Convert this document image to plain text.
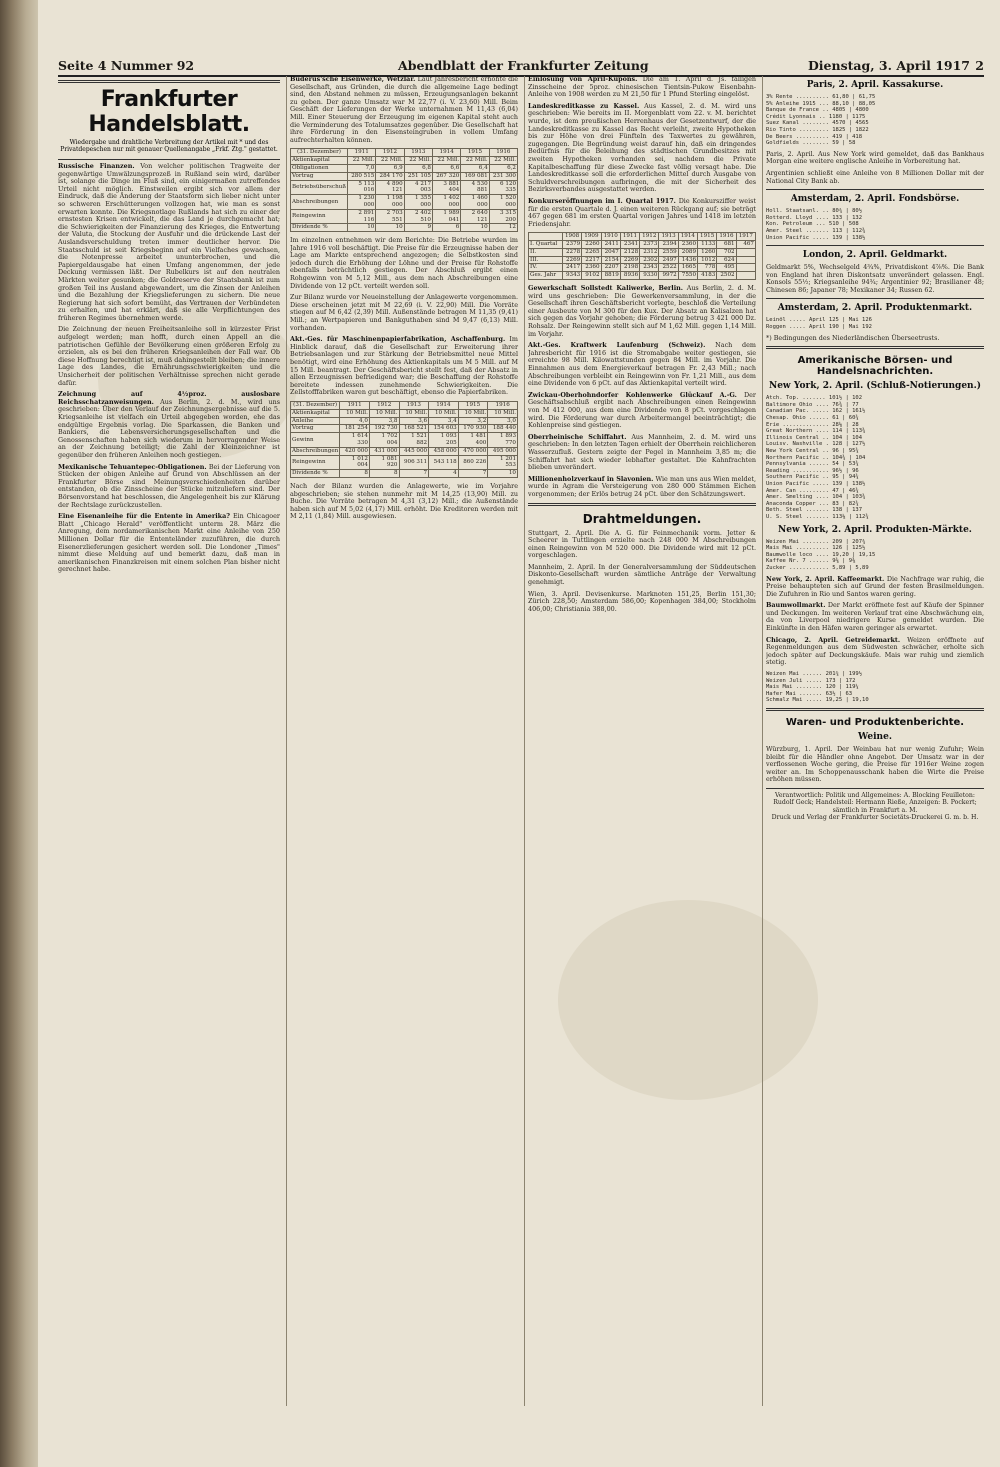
Seite 4 Nummer 92	Abendblatt der Frankfurter Zeitung	Dienstag, 3. April 1917 2
Frankfurter Handelsblatt.
Wiedergabe und drahtliche Verbreitung der Artikel mit * und des Privatdepeschen nur mit genauer Quellenangabe „Frkf. Ztg." gestattet.

Russische Finanzen. Von welcher politischen Tragweite der gegenwärtige Umwälzungsprozeß in Rußland sein wird, darüber ist, solange die Dinge im Fluß sind, ein einigermaßen zutreffendes Urteil nicht möglich. Einstweilen ergibt sich vor allem der Eindruck, daß die Änderung der Staatsform sich lieber nicht unter so schweren Erschütterungen vollzogen hat, wie man es sonst erwarten konnte. Die Kriegsnotlage Rußlands hat sich zu einer der ernstesten Krisen entwickelt, die das Land je durchgemacht hat; die Schwierigkeiten der Finanzierung des Krieges, die Entwertung der Valuta, die Stockung der Ausfuhr und die drückende Last der Auslandsverschuldung treten immer deutlicher hervor. Die Staatsschuld ist seit Kriegsbeginn auf ein Vielfaches gewachsen, die Notenpresse arbeitet ununterbrochen, und die Papiergeldausgabe hat einen Umfang angenommen, der jede Deckung vermissen läßt. Der Rubelkurs ist auf den neutralen Märkten weiter gesunken; die Goldreserve der Staatsbank ist zum großen Teil ins Ausland abgewandert, um die Zinsen der Anleihen und die Bezahlung der Kriegslieferungen zu sichern. Die neue Regierung hat sich sofort bemüht, das Vertrauen der Verbündeten zu erhalten, und hat erklärt, daß sie alle Verpflichtungen des früheren Regimes übernehmen werde.

Die Zeichnung der neuen Freiheitsanleihe soll in kürzester Frist aufgelegt werden; man hofft, durch einen Appell an die patriotischen Gefühle der Bevölkerung einen größeren Erfolg zu erzielen, als es bei den früheren Kriegsanleihen der Fall war. Ob diese Hoffnung berechtigt ist, muß dahingestellt bleiben; die innere Lage des Landes, die Ernährungsschwierigkeiten und die Unsicherheit der politischen Verhältnisse sprechen nicht gerade dafür.

Zeichnung auf 4½proz. auslosbare Reichsschatzanweisungen. Aus Berlin, 2. d. M., wird uns geschrieben: Über den Verlauf der Zeichnungsergebnisse auf die 5. Kriegsanleihe ist vielfach ein Urteil abgegeben worden, ehe das endgültige Ergebnis vorlag. Die Sparkassen, die Banken und Bankiers, die Lebensversicherungsgesellschaften und die Genossenschaften haben sich wiederum in hervorragender Weise an der Zeichnung beteiligt; die Zahl der Kleinzeichner ist gegenüber den früheren Anleihen noch gestiegen.

Mexikanische Tehuantepec-Obligationen. Bei der Lieferung von Stücken der obigen Anleihe auf Grund von Abschlüssen an der Frankfurter Börse sind Meinungsverschiedenheiten darüber entstanden, ob die Zinsscheine der Stücke mitzuliefern sind. Der Börsenvorstand hat beschlossen, die Angelegenheit bis zur Klärung der Rechtslage zurückzustellen.

Eine Eisenanleihe für die Entente in Amerika? Ein Chicagoer Blatt „Chicago Herald" veröffentlicht unterm 28. März die Anregung, dem nordamerikanischen Markt eine Anleihe von 250 Millionen Dollar für die Ententeländer zuzuführen, die durch Eisenerzlieferungen gesichert werden soll. Die Londoner „Times" nimmt diese Meldung auf und bemerkt dazu, daß man in amerikanischen Finanzkreisen mit einem solchen Plan bisher nicht gerechnet habe.

Buderus'sche Eisenwerke, Wetzlar. Laut Jahresbericht erhöhte die Gesellschaft, aus Gründen, die durch die allgemeine Lage bedingt sind, den Abstand nehmen zu müssen, Erzeugungsanlagen bekannt zu geben. Der ganze Umsatz war M 22,77 (i. V. 23,60) Mill. Beim Geschäft der Lieferungen der Werke unternahmen M 11,43 (6,04) Mill. Einer Steuerung der Erzeugung im eigenen Kapital steht auch die Verminderung des Totalumsatzes gegenüber. Die Gesellschaft hat ihre Förderung in den Eisensteingruben in vollem Umfang aufrechterhalten können.

(31. Dezember)	1911	1912	1913	1914	1915	1916
Aktienkapital	22 Mill.	22 Mill.	22 Mill.	22 Mill.	22 Mill.	22 Mill.
Obligationen	7,0	6,9	6,8	6,6	6,4	6,2
Vortrag	280 515	284 170	251 105	267 320	169 081	231 300
Betriebsüberschuß	5 113 016	4 890 121	4 217 003	3 881 404	4 530 881	6 120 335
Abschreibungen	1 230 000	1 198 000	1 355 000	1 402 000	1 460 000	1 520 000
Reingewinn	2 891 116	2 703 551	2 402 510	1 989 041	2 640 121	3 315 200
Dividende %	10	10	9	6	10	12

Im einzelnen entnehmen wir dem Berichte: Die Betriebe wurden im Jahre 1916 voll beschäftigt. Die Preise für die Erzeugnisse haben der Lage am Markte entsprechend angezogen; die Selbstkosten sind jedoch durch die Erhöhung der Löhne und der Preise für Rohstoffe ebenfalls beträchtlich gestiegen. Der Abschluß ergibt einen Rohgewinn von M 5,12 Mill., aus dem nach Abschreibungen eine Dividende von 12 pCt. verteilt werden soll.

Zur Bilanz wurde vor Neueinstellung der Anlagewerte vorgenommen. Diese erscheinen jetzt mit M 22,69 (i. V. 22,90) Mill. Die Vorräte stiegen auf M 6,42 (2,39) Mill. Außenstände betragen M 11,35 (9,41) Mill.; an Wertpapieren und Bankguthaben sind M 9,47 (6,13) Mill. vorhanden.

Akt.-Ges. für Maschinenpapierfabrikation, Aschaffenburg. Im Hinblick darauf, daß die Gesellschaft zur Erweiterung ihrer Betriebsanlagen und zur Stärkung der Betriebsmittel neue Mittel benötigt, wird eine Erhöhung des Aktienkapitals um M 5 Mill. auf M 15 Mill. beantragt. Der Geschäftsbericht stellt fest, daß der Absatz in allen Erzeugnissen befriedigend war; die Beschaffung der Rohstoffe bereitete indessen zunehmende Schwierigkeiten. Die Zellstofffabriken waren gut beschäftigt, ebenso die Papierfabriken.

(31. Dezember)	1911	1912	1913	1914	1915	1916
Aktienkapital	10 Mill.	10 Mill.	10 Mill.	10 Mill.	10 Mill.	10 Mill.
Anleihe	4,0	3,8	3,6	3,4	3,2	3,0
Vortrag	181 254	192 730	168 521	154 603	170 930	188 440
Gewinn	1 614 330	1 702 004	1 521 882	1 093 205	1 481 400	1 893 770
Abschreibungen	420 000	431 000	445 000	458 000	470 000	495 000
Reingewinn	1 012 004	1 081 920	906 311	543 118	860 226	1 201 553
Dividende %	8	8	7	4	7	10

Nach der Bilanz wurden die Anlagewerte, wie im Vorjahre abgeschrieben; sie stehen nunmehr mit M 14,25 (13,90) Mill. zu Buche. Die Vorräte betragen M 4,31 (3,12) Mill.; die Außenstände haben sich auf M 5,02 (4,17) Mill. erhöht. Die Kreditoren werden mit M 2,11 (1,84) Mill. ausgewiesen.

Einlösung von April-Kupons. Die am 1. April d. Js. fälligen Zinsscheine der 5proz. chinesischen Tientsin-Pukow Eisenbahn-Anleihe von 1908 werden zu M 21,50 für 1 Pfund Sterling eingelöst.

Landeskreditkasse zu Kassel. Aus Kassel, 2. d. M. wird uns geschrieben: Wie bereits im II. Morgenblatt vom 22. v. M. berichtet wurde, ist dem preußischen Herrenhaus der Gesetzentwurf, der die Landeskreditkasse zu Kassel das Recht verleiht, zweite Hypotheken bis zur Höhe von drei Fünfteln des Taxwertes zu gewähren, zugegangen. Die Begründung weist darauf hin, daß ein dringendes Bedürfnis für die Beleihung des städtischen Grundbesitzes mit zweiten Hypotheken vorhanden sei, nachdem die Private Kapitalbeschaffung für diese Zwecke fast völlig versagt habe. Die Landeskreditkasse soll die erforderlichen Mittel durch Ausgabe von Schuldverschreibungen aufbringen, die mit der Sicherheit des Bezirksverbandes ausgestattet werden.

Konkurseröffnungen im I. Quartal 1917. Die Konkursziffer weist für die ersten Quartale d. J. einen weiteren Rückgang auf; sie beträgt 467 gegen 681 im ersten Quartal vorigen Jahres und 1418 im letzten Friedensjahr.

	1908	1909	1910	1911	1912	1913	1914	1915	1916	1917
I. Quartal	2379	2260	2411	2341	2373	2394	2360	1133	681	467
II.	2278	2265	2047	2128	2312	2559	2089	1260	702	
III.	2269	2217	2154	2269	2302	2497	1436	1012	624	
IV.	2417	2360	2207	2198	2343	2522	1665	778	495	
Ges. Jahr	9343	9102	8819	8936	9330	9972	7550	4183	2502	

Gewerkschaft Sollstedt Kaliwerke, Berlin. Aus Berlin, 2. d. M. wird uns geschrieben: Die Gewerkenversammlung, in der die Gesellschaft ihren Geschäftsbericht vorlegte, beschloß die Verteilung einer Ausbeute von M 300 für den Kux. Der Absatz an Kalisalzen hat sich gegen das Vorjahr gehoben; die Förderung betrug 3 421 000 Dz. Rohsalz. Der Reingewinn stellt sich auf M 1,62 Mill. gegen 1,14 Mill. im Vorjahr.

Akt.-Ges. Kraftwerk Laufenburg (Schweiz). Nach dem Jahresbericht für 1916 ist die Stromabgabe weiter gestiegen, sie erreichte 98 Mill. Kilowattstunden gegen 84 Mill. im Vorjahr. Die Einnahmen aus dem Energieverkauf betragen Fr. 2,43 Mill.; nach Abschreibungen verbleibt ein Reingewinn von Fr. 1,21 Mill., aus dem eine Dividende von 6 pCt. auf das Aktienkapital verteilt wird.

Zwickau-Oberhohndorfer Kohlenwerke Glückauf A.-G. Der Geschäftsabschluß ergibt nach Abschreibungen einen Reingewinn von M 412 000, aus dem eine Dividende von 8 pCt. vorgeschlagen wird. Die Förderung war durch Arbeitermangel beeinträchtigt; die Kohlenpreise sind gestiegen.

Oberrheinische Schiffahrt. Aus Mannheim, 2. d. M. wird uns geschrieben: In den letzten Tagen erhielt der Oberrhein reichlicheren Wasserzufluß. Gestern zeigte der Pegel in Mannheim 3,85 m; die Schiffahrt hat sich wieder lebhafter gestaltet. Die Kahnfrachten blieben unverändert.

Millionenholzverkauf in Slavonien. Wie man uns aus Wien meldet, wurde in Agram die Versteigerung von 280 000 Stämmen Eichen vorgenommen; der Erlös betrug 24 pCt. über den Schätzungswert.

Drahtmeldungen.

Stuttgart, 2. April. Die A. G. für Feinmechanik vorm. Jetter & Scheerer in Tuttlingen erzielte nach 248 000 M Abschreibungen einen Reingewinn von M 520 000. Die Dividende wird mit 12 pCt. vorgeschlagen.

Mannheim, 2. April. In der Generalversammlung der Süddeutschen Diskonto-Gesellschaft wurden sämtliche Anträge der Verwaltung genehmigt.

Wien, 3. April. Devisenkurse. Marknoten 151,25, Berlin 151,30; Zürich 228,50; Amsterdam 586,00; Kopenhagen 384,00; Stockholm 406,00; Christiania 388,00.

Paris, 2. April. Kassakurse.
3% Rente .......... 61,80 | 61,75
5% Anleihe 1915 ... 88,10 | 88,05
Banque de France .. 4805 | 4800
Crédit Lyonnais .. 1180 | 1175
Suez Kanal ........ 4570 | 4565
Rio Tinto ......... 1825 | 1822
De Beers .......... 419 | 418
Goldfields ........ 59 | 58

Paris, 2. April. Aus New York wird gemeldet, daß das Bankhaus Morgan eine weitere englische Anleihe in Vorbereitung hat.

Argentinien schließt eine Anleihe von 8 Millionen Dollar mit der National City Bank ab.

Amsterdam, 2. April. Fondsbörse.
Holl. Staatsanl. .. 80¾ | 80½
Rotterd. Lloyd .... 133 | 132
Kon. Petroleum ... 510 | 508
Amer. Steel ....... 113 | 112¾
Union Pacific ..... 139 | 138½
London, 2. April. Geldmarkt.

Geldmarkt 5%, Wechselgeld 4¾%, Privatdiskont 4⅞%. Die Bank von England hat ihren Diskontsatz unverändert gelassen. Engl. Konsols 55½; Kriegsanleihe 94¾; Argentinier 92; Brasilianer 48; Chinesen 86; Japaner 78; Mexikaner 34; Russen 62.

Amsterdam, 2. April. Produktenmarkt.
Leinöl ..... April 125 | Mai 126
Roggen ..... April 190 | Mai 192

*) Bedingungen des Niederländischen Überseetrusts.

Amerikanische Börsen- und Handelsnachrichten.
New York, 2. April. (Schluß-Notierungen.)
Atch. Top. ....... 101½ | 102
Baltimore Ohio .... 76¾ | 77
Canadian Pac. ..... 162 | 161½
Chesap. Ohio ...... 61 | 60¾
Erie .............. 28⅛ | 28
Great Northern .... 114 | 113¾
Illinois Central .. 104 | 104
Louisv. Nashville . 128 | 127½
New York Central .. 96 | 95¾
Northern Pacific .. 104¾ | 104
Pennsylvania ...... 54 | 53¾
Reading ........... 96½ | 96
Southern Pacific .. 95 | 94¾
Union Pacific ..... 139 | 138½
Amer. Can ......... 47 | 46¾
Amer. Smelting .... 104 | 103¾
Anaconda Copper ... 83 | 82¾
Beth. Steel ....... 138 | 137
U. S. Steel ....... 113⅛ | 112¾
New York, 2. April. Produkten-Märkte.
Weizen Mai ........ 209 | 207¾
Mais Mai .......... 126 | 125½
Baumwolle loco .... 19,20 | 19,15
Kaffee Nr. 7 ...... 9⅜ | 9⅜
Zucker ............ 5,89 | 5,89

New York, 2. April. Kaffeemarkt. Die Nachfrage war ruhig, die Preise behaupteten sich auf Grund der festen Brasilmeldungen. Die Zufuhren in Rio und Santos waren gering.

Baumwollmarkt. Der Markt eröffnete fest auf Käufe der Spinner und Deckungen. Im weiteren Verlauf trat eine Abschwächung ein, da von Liverpool niedrigere Kurse gemeldet wurden. Die Einkünfte in den Häfen waren geringer als erwartet.

Chicago, 2. April. Getreidemarkt. Weizen eröffnete auf Regenmeldungen aus dem Südwesten schwächer, erholte sich jedoch später auf Deckungskäufe. Mais war ruhig und ziemlich stetig.

Weizen Mai ...... 201¾ | 199½
Weizen Juli ..... 173 | 172
Mais Mai ........ 120 | 119¼
Hafer Mai ....... 63½ | 63
Schmalz Mai ..... 19,25 | 19,10
Waren- und Produktenberichte.
Weine.

Würzburg, 1. April. Der Weinbau hat nur wenig Zufuhr; Wein bleibt für die Händler ohne Angebot. Der Umsatz war in der verflossenen Woche gering, die Preise für 1916er Weine zogen weiter an. Im Schoppenausschank haben die Wirte die Preise erhöhen müssen.

Verantwortlich: Politik und Allgemeines: A. Blocking Feuilleton: Rudolf Geck; Handelsteil: Hermann Rieße, Anzeigen: B. Pockert; sämtlich in Frankfurt a. M.
Druck und Verlag der Frankfurter Societäts-Druckerei G. m. b. H.
